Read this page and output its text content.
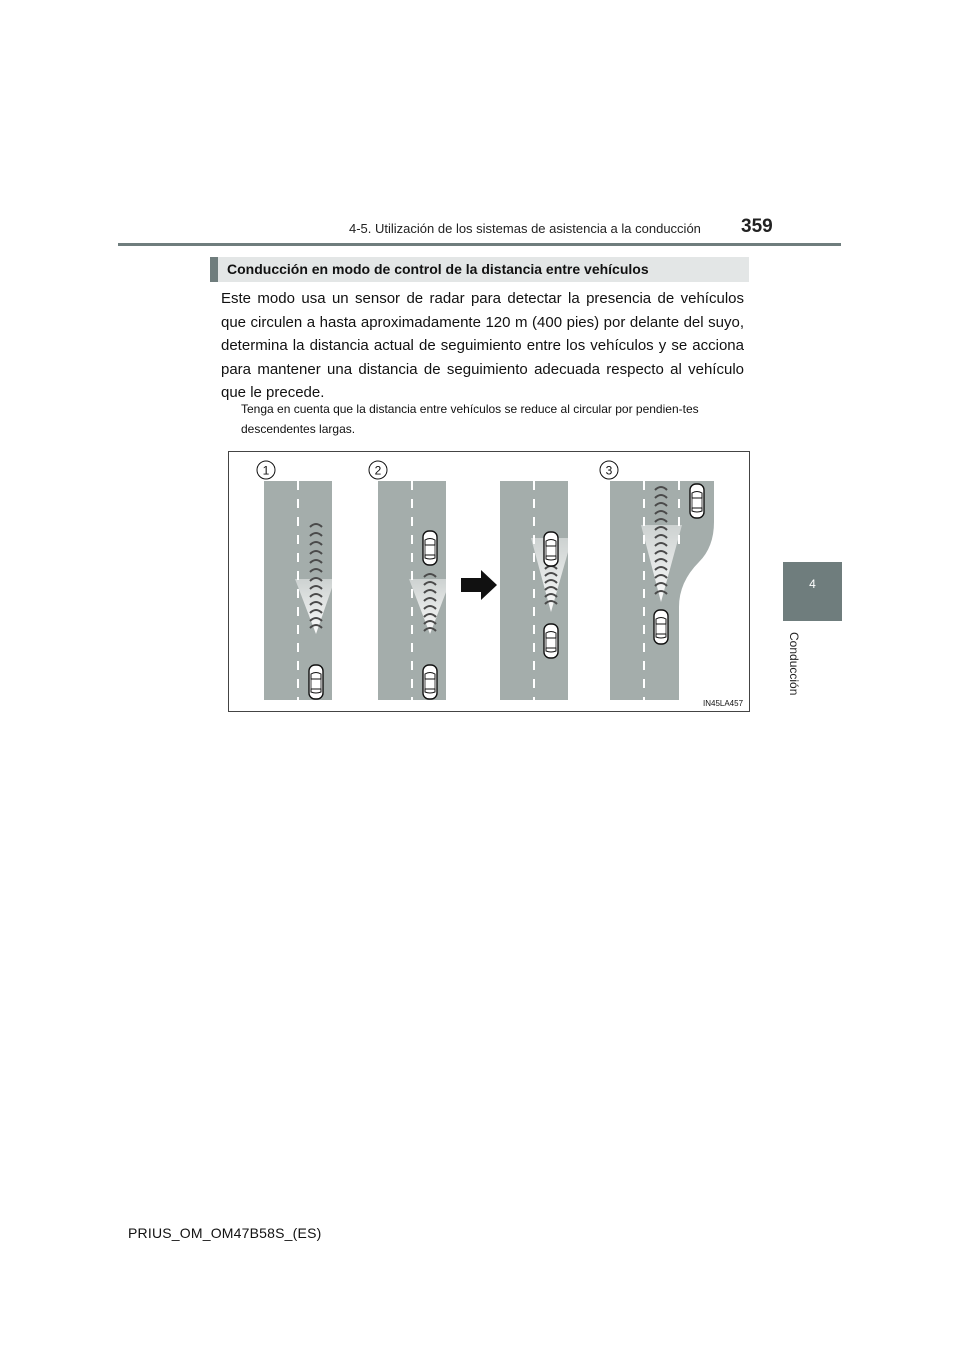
4-5. Utilización de los sistemas de asistencia a la conducción 359
4
Conducción
Conducción en modo de control de la distancia entre vehículos

Este modo usa un sensor de radar para detectar la presencia de vehículos que circulen a hasta aproximadamente 120 m (400 pies) por delante del suyo, determina la distancia actual de seguimiento entre los vehículos y se acciona para mantener una distancia de seguimiento adecuada respecto al vehículo que le precede.

Tenga en cuenta que la distancia entre vehículos se reduce al circular por pendien-tes descendentes largas.

1	2	3
IN45LA457
PRIUS_OM_OM47B58S_(ES)
